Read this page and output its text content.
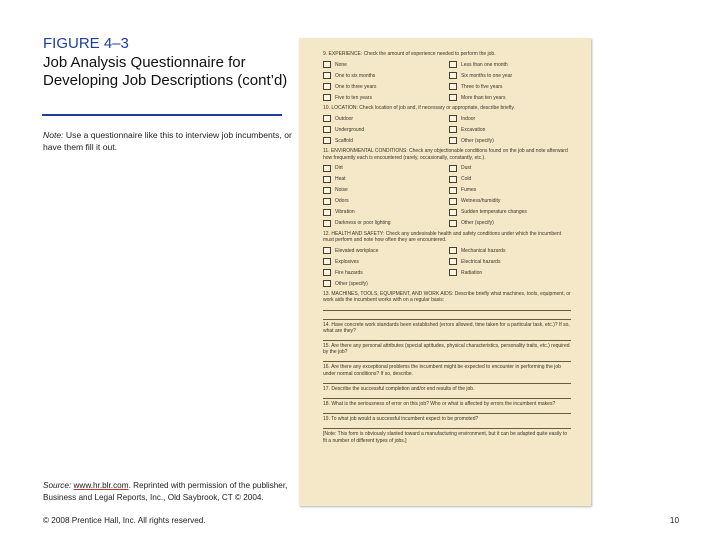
FIGURE 4–3
Job Analysis Questionnaire for Developing Job Descriptions (cont’d)
Note: Use a questionnaire like this to interview job incumbents, or have them fill it out.
9. EXPERIENCE: Check the amount of experience needed to perform the job.
None	Less than one month
One to six months	Six months to one year
One to three years	Three to five years
Five to ten years	More than ten years
10. LOCATION: Check location of job and, if necessary or appropriate, describe briefly.
Outdoor	Indoor
Underground	Excavation
Scaffold	Other (specify)
11. ENVIRONMENTAL CONDITIONS: Check any objectionable conditions found on the job and note afterward how frequently each is encountered (rarely, occasionally, constantly, etc.).
Dirt	Dust
Heat	Cold
Noise	Fumes
Odors	Wetness/humidity
Vibration	Sudden temperature changes
Darkness or poor lighting	Other (specify)
12. HEALTH AND SAFETY: Check any undesirable health and safety conditions under which the incumbent must perform and note how often they are encountered.
Elevated workplace	Mechanical hazards
Explosives	Electrical hazards
Fire hazards	Radiation
Other (specify)
13. MACHINES, TOOLS, EQUIPMENT, AND WORK AIDS: Describe briefly what machines, tools, equipment, or work aids the incumbent works with on a regular basis:
14. Have concrete work standards been established (errors allowed, time taken for a particular task, etc.)? If so, what are they?
15. Are there any personal attributes (special aptitudes, physical characteristics, personality traits, etc.) required by the job?
16. Are there any exceptional problems the incumbent might be expected to encounter in performing the job under normal conditions? If so, describe.
17. Describe the successful completion and/or end results of the job.
18. What is the seriousness of error on this job? Who or what is affected by errors the incumbent makes?
19. To what job would a successful incumbent expect to be promoted?
[Note: This form is obviously slanted toward a manufacturing environment, but it can be adapted quite easily to fit a number of different types of jobs.]
Source: www.hr.blr.com. Reprinted with permission of the publisher, Business and Legal Reports, Inc., Old Saybrook, CT © 2004.
© 2008 Prentice Hall, Inc. All rights reserved.	10
